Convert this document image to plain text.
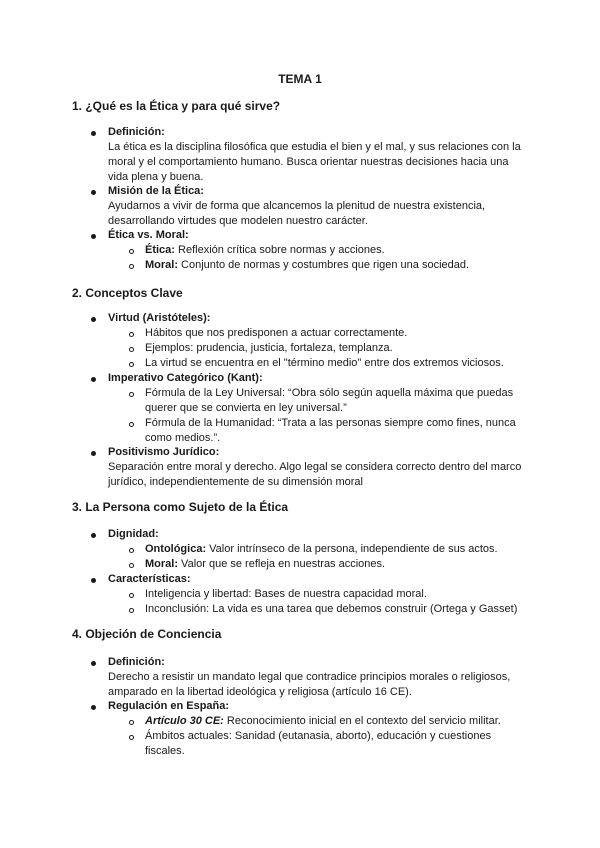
TEMA 1
1. ¿Qué es la Ética y para qué sirve?
Definición:
La ética es la disciplina filosófica que estudia el bien y el mal, y sus relaciones con la
moral y el comportamiento humano. Busca orientar nuestras decisiones hacia una
vida plena y buena.
Misión de la Ética:
Ayudarnos a vivir de forma que alcancemos la plenitud de nuestra existencia,
desarrollando virtudes que modelen nuestro carácter.
Ética vs. Moral:
Ética: Reflexión crítica sobre normas y acciones.
Moral: Conjunto de normas y costumbres que rigen una sociedad.
2. Conceptos Clave
Virtud (Aristóteles):
Hábitos que nos predisponen a actuar correctamente.
Ejemplos: prudencia, justicia, fortaleza, templanza.
La virtud se encuentra en el "término medio" entre dos extremos viciosos.
Imperativo Categórico (Kant):
Fórmula de la Ley Universal: “Obra sólo según aquella máxima que puedas
querer que se convierta en ley universal.”
Fórmula de la Humanidad: “Trata a las personas siempre como fines, nunca
como medios.”.
Positivismo Jurídico:
Separación entre moral y derecho. Algo legal se considera correcto dentro del marco
jurídico, independientemente de su dimensión moral
3. La Persona como Sujeto de la Ética
Dignidad:
Ontológica: Valor intrínseco de la persona, independiente de sus actos.
Moral: Valor que se refleja en nuestras acciones.
Características:
Inteligencia y libertad: Bases de nuestra capacidad moral.
Inconclusión: La vida es una tarea que debemos construir (Ortega y Gasset)
4. Objeción de Conciencia
Definición:
Derecho a resistir un mandato legal que contradice principios morales o religiosos,
amparado en la libertad ideológica y religiosa (artículo 16 CE).
Regulación en España:
Artículo 30 CE: Reconocimiento inicial en el contexto del servicio militar.
Ámbitos actuales: Sanidad (eutanasia, aborto), educación y cuestiones
fiscales.
